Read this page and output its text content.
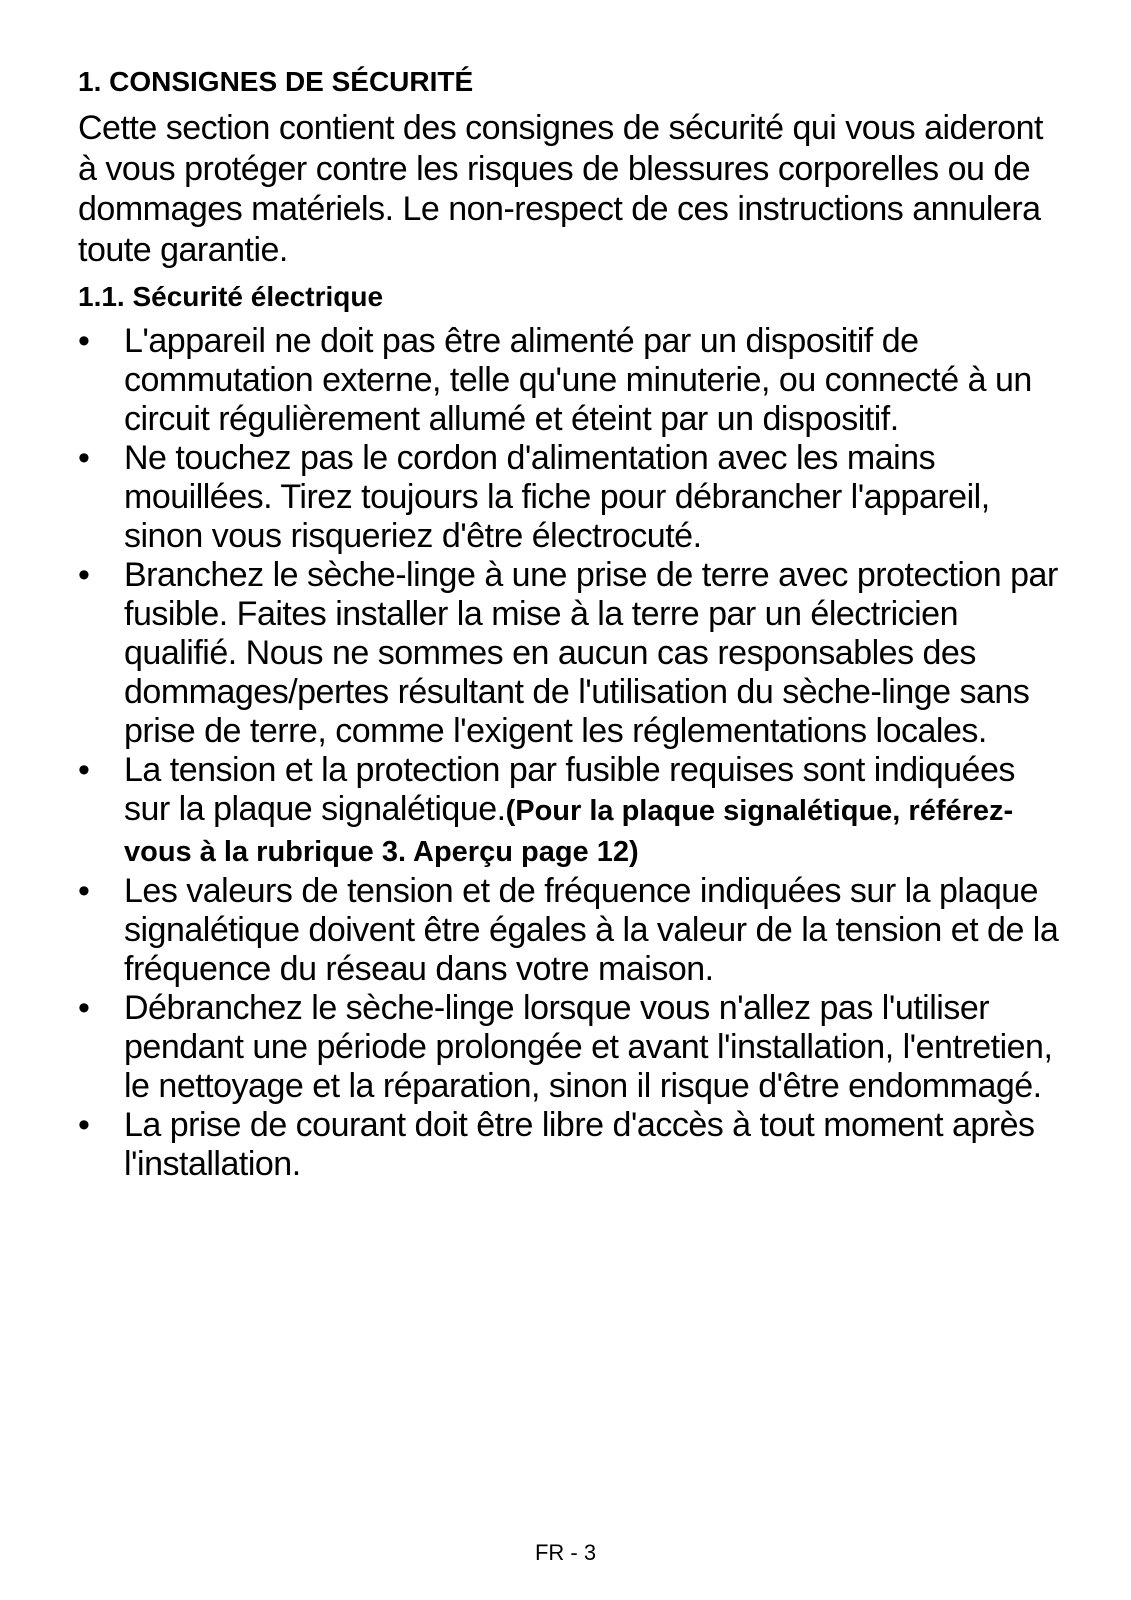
1. CONSIGNES DE SÉCURITÉ

Cette section contient des consignes de sécurité qui vous aideront à vous protéger contre les risques de blessures corporelles ou de dommages matériels. Le non-respect de ces instructions annulera toute garantie.

1.1. Sécurité électrique
•	L'appareil ne doit pas être alimenté par un dispositif de commutation externe, telle qu'une minuterie, ou connecté à un circuit régulièrement allumé et éteint par un dispositif.
•	Ne touchez pas le cordon d'alimentation avec les mains mouillées. Tirez toujours la fiche pour débrancher l'appareil, sinon vous risqueriez d'être électrocuté.
•	Branchez le sèche-linge à une prise de terre avec protection par fusible. Faites installer la mise à la terre par un électricien qualifié. Nous ne sommes en aucun cas responsables des dommages/pertes résultant de l'utilisation du sèche-linge sans prise de terre, comme l'exigent les réglementations locales.
•	La tension et la protection par fusible requises sont indiquées sur la plaque signalétique.(Pour la plaque signalétique, référez-vous à la rubrique 3. Aperçu page 12)
•	Les valeurs de tension et de fréquence indiquées sur la plaque signalétique doivent être égales à la valeur de la tension et de la fréquence du réseau dans votre maison.
•	Débranchez le sèche-linge lorsque vous n'allez pas l'utiliser pendant une période prolongée et avant l'installation, l'entretien, le nettoyage et la réparation, sinon il risque d'être endommagé.
•	La prise de courant doit être libre d'accès à tout moment après l'installation.
FR - 3
